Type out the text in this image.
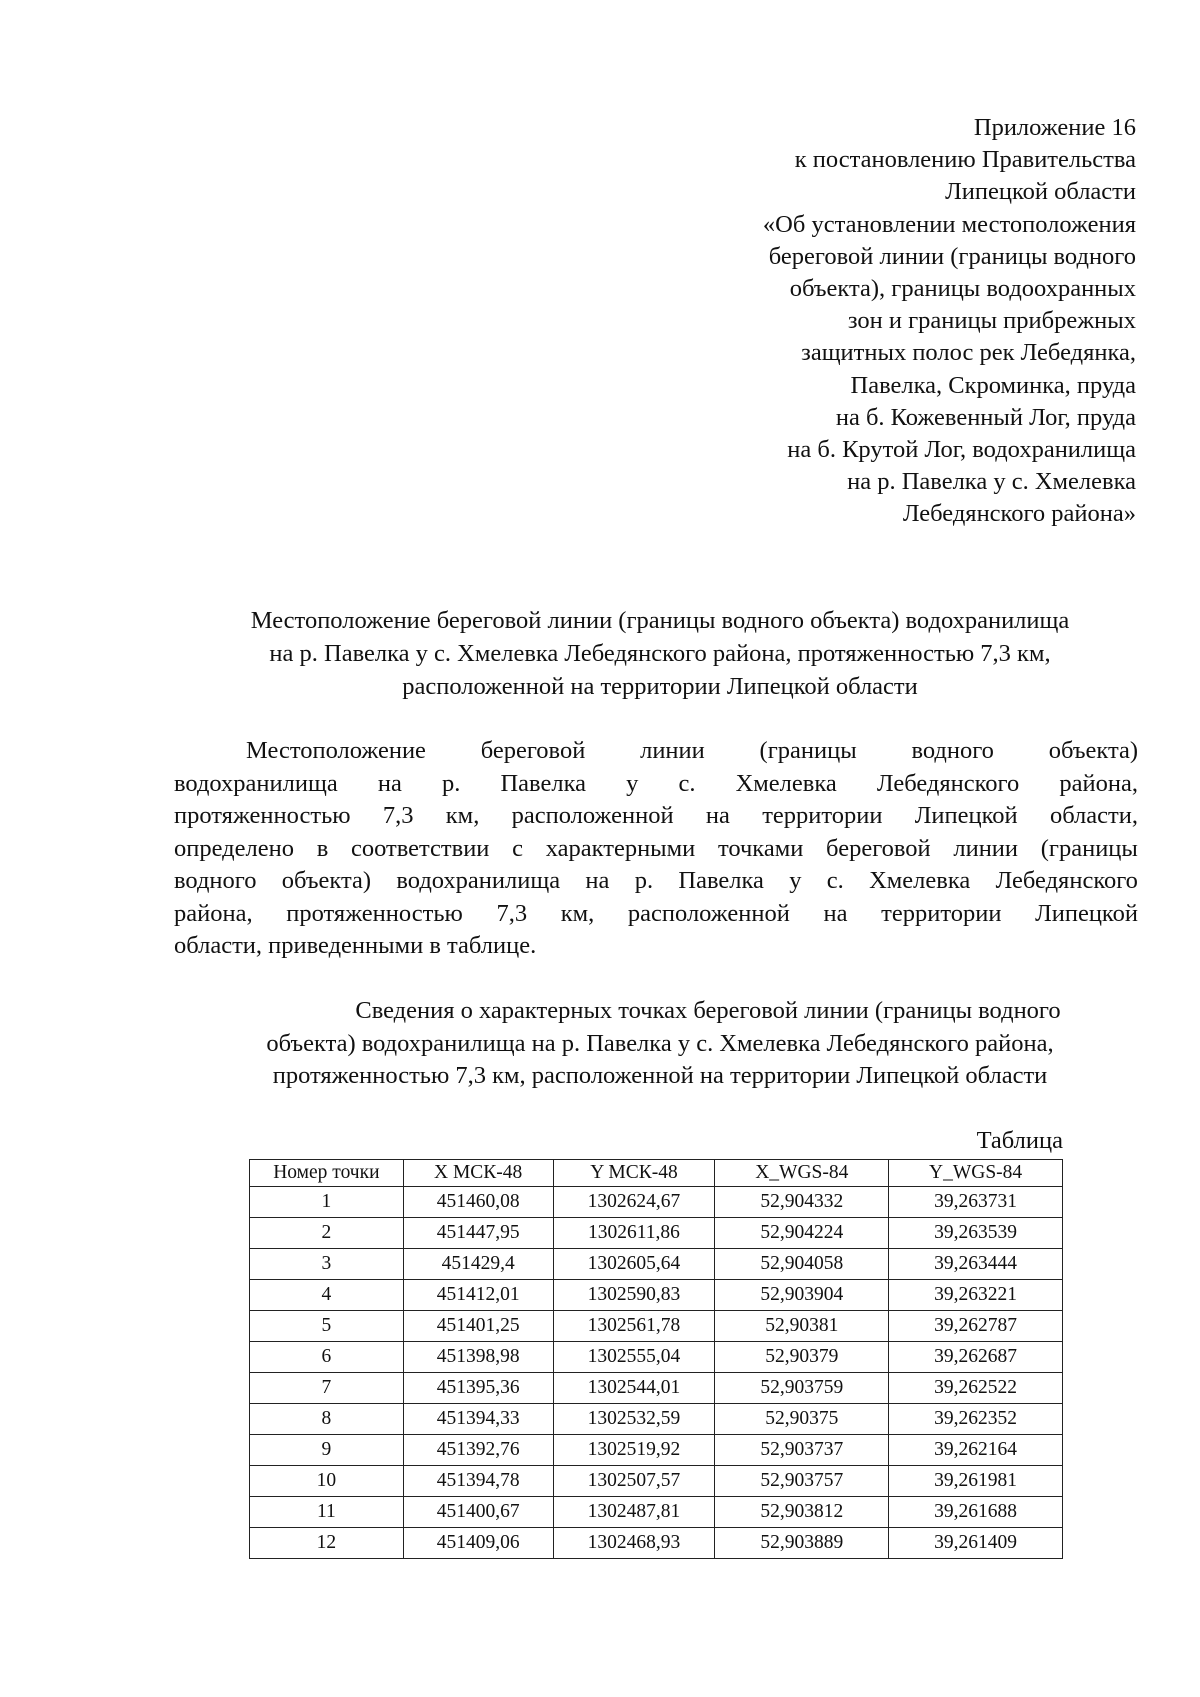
Приложение 16
к постановлению Правительства
Липецкой области
«Об установлении местоположения
береговой линии (границы водного
объекта), границы водоохранных
зон и границы прибрежных
защитных полос рек Лебедянка,
Павелка, Скроминка, пруда
на б. Кожевенный Лог, пруда
на б. Крутой Лог, водохранилища
на р. Павелка у с. Хмелевка
Лебедянского района»
Местоположение береговой линии (границы водного объекта) водохранилища
на р. Павелка у с. Хмелевка Лебедянского района, протяженностью 7,3 км,
расположенной на территории Липецкой области
Местоположение береговой линии (границы водного объекта)
водохранилища на р. Павелка у с. Хмелевка Лебедянского района,
протяженностью 7,3 км, расположенной на территории Липецкой области,
определено в соответствии с характерными точками береговой линии (границы
водного объекта) водохранилища на р. Павелка у с. Хмелевка Лебедянского
района, протяженностью 7,3 км, расположенной на территории Липецкой
области, приведенными в таблице.
Сведения о характерных точках береговой линии (границы водного
объекта) водохранилища на р. Павелка у с. Хмелевка Лебедянского района,
протяженностью 7,3 км, расположенной на территории Липецкой области
Таблица
Номер точки	X МСК-48	Y МСК-48	X_WGS-84	Y_WGS-84
1	451460,08	1302624,67	52,904332	39,263731
2	451447,95	1302611,86	52,904224	39,263539
3	451429,4	1302605,64	52,904058	39,263444
4	451412,01	1302590,83	52,903904	39,263221
5	451401,25	1302561,78	52,90381	39,262787
6	451398,98	1302555,04	52,90379	39,262687
7	451395,36	1302544,01	52,903759	39,262522
8	451394,33	1302532,59	52,90375	39,262352
9	451392,76	1302519,92	52,903737	39,262164
10	451394,78	1302507,57	52,903757	39,261981
11	451400,67	1302487,81	52,903812	39,261688
12	451409,06	1302468,93	52,903889	39,261409
